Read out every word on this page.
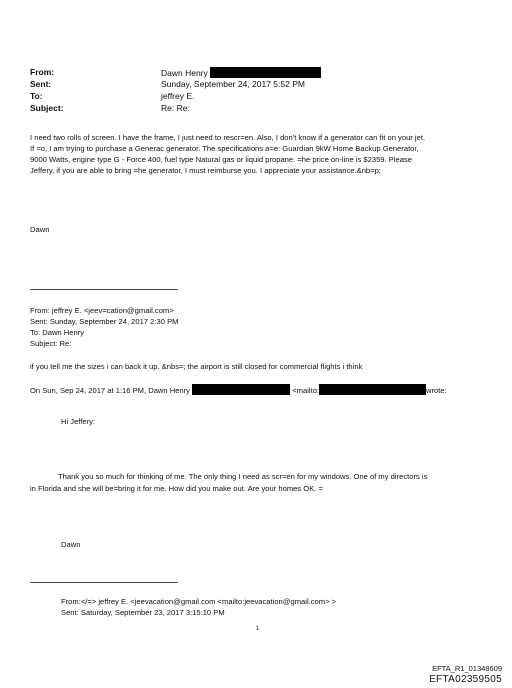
From:
Sent:
To:
Subject:
Dawn Henry
Sunday, September 24, 2017 5:52 PM
jeffrey E.
Re: Re:
I need two rolls of screen. I have the frame, I just need to rescr=en. Also, I don't know if a generator can fit on your jet.
If =o, I am trying to purchase a Generac generator. The specifications a=e: Guardian 9kW Home Backup Generator,
9000 Watts, engine type G - Force 400, fuel type Natural gas or liquid propane. =he price on-line is $2359. Please
Jeffery, if you are able to bring =he generator, I must reimburse you. I appreciate your assistance.&nb=p;
Dawn
From: jeffrey E. <jeev=cation@gmail.com>
Sent: Sunday, September 24, 2017 2:30 PM
To: Dawn Henry
Subject: Re:
if you tell me the sizes i can back it up. &nbs=; the airport is still closed for commercial flights i think
On Sun, Sep 24, 2017 at 1:16 PM, Dawn Henry	<mailto:	wrote:
Hi Jeffery:
Thank you so much for thinking of me. The only thing I need as scr=en for my windows. One of my directors is
in Florida and she will be=bring it for me. How did you make out. Are your homes OK. =
Dawn
From:</=> jeffrey E. <jeevacation@gmail.com <mailto:jeevacation@gmail.com> >
Sent: Saturday, September 23, 2017 3:15:10 PM
1
EFTA_R1_01348609
EFTA02359505
